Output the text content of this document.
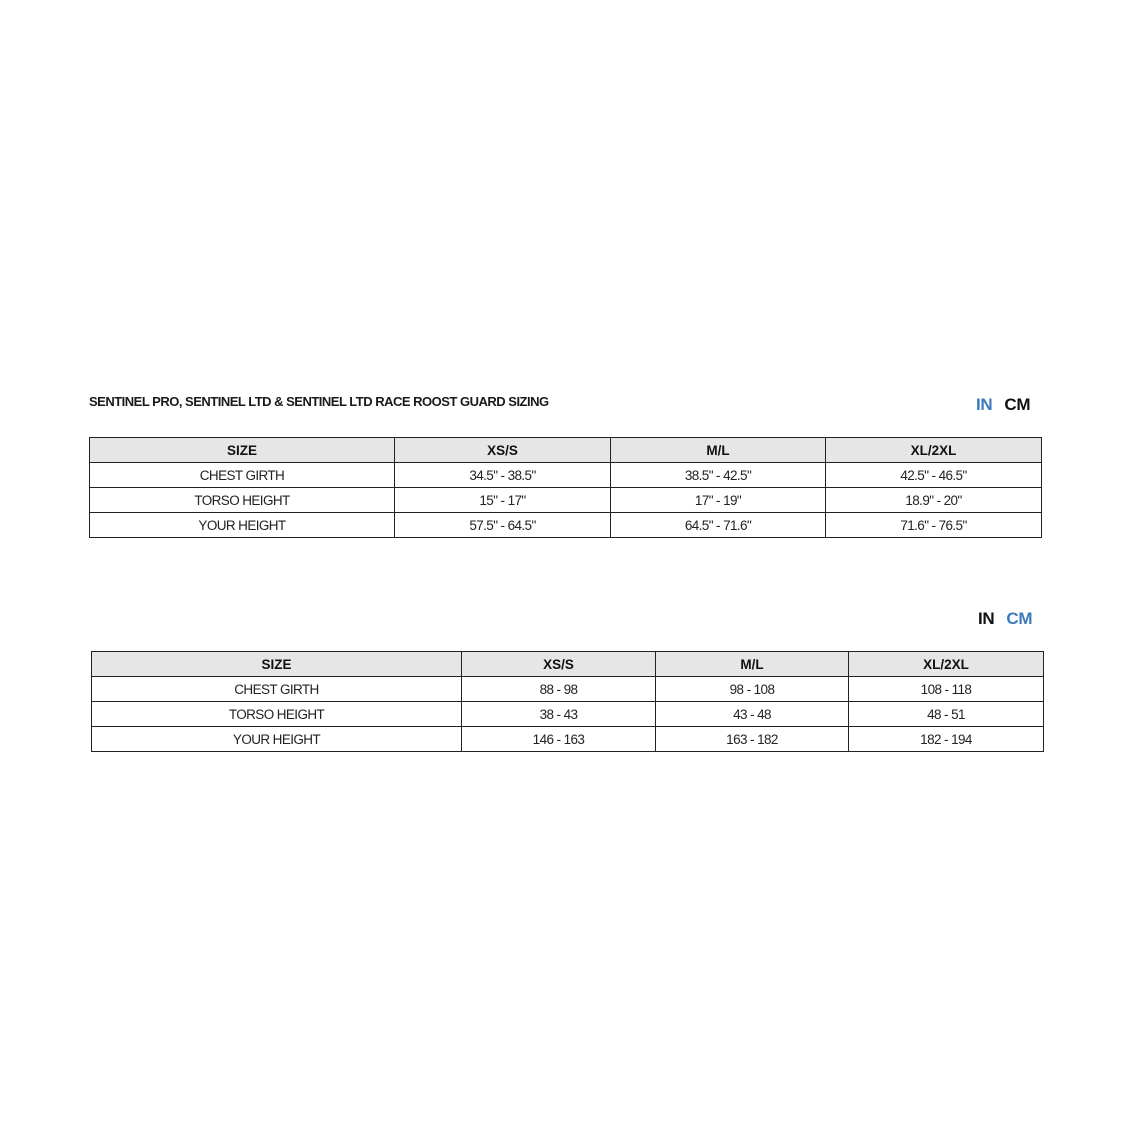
SENTINEL PRO, SENTINEL LTD & SENTINEL LTD RACE ROOST GUARD SIZING	IN CM
SIZE	XS/S	M/L	XL/2XL
CHEST GIRTH	34.5" - 38.5"	38.5" - 42.5"	42.5" - 46.5"
TORSO HEIGHT	15" - 17"	17" - 19"	18.9" - 20"
YOUR HEIGHT	57.5" - 64.5"	64.5" - 71.6"	71.6" - 76.5"
IN CM
SIZE	XS/S	M/L	XL/2XL
CHEST GIRTH	88 - 98	98 - 108	108 - 118
TORSO HEIGHT	38 - 43	43 - 48	48 - 51
YOUR HEIGHT	146 - 163	163 - 182	182 - 194
